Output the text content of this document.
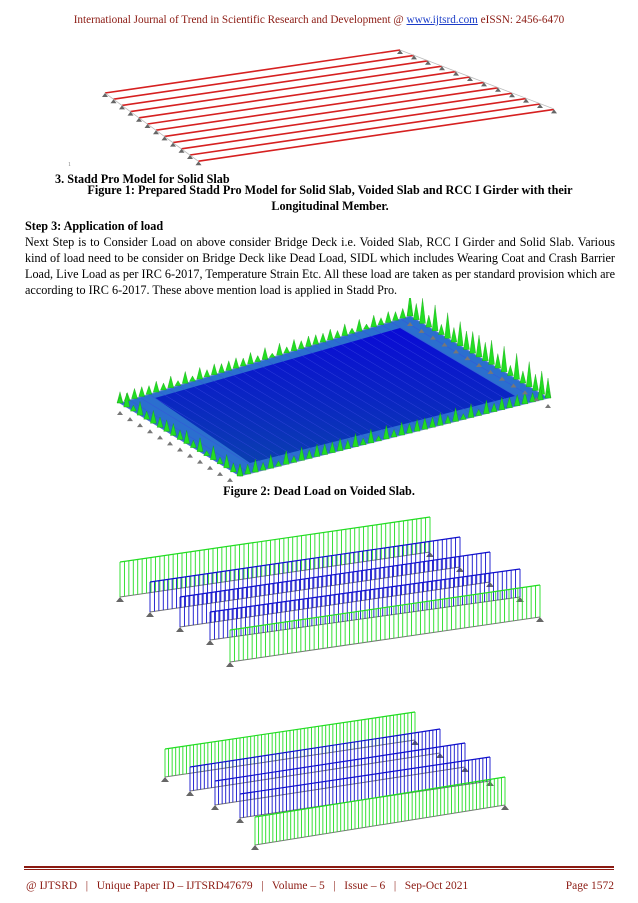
International Journal of Trend in Scientific Research and Development @ www.ijtsrd.com eISSN: 2456-6470
1
3. Stadd Pro Model for Solid Slab
Figure 1: Prepared Stadd Pro Model for Solid Slab, Voided Slab and RCC I Girder with their Longitudinal Member.
Step 3: Application of load
Next Step is to Consider Load on above consider Bridge Deck i.e. Voided Slab, RCC I Girder and Solid Slab. Various kind of load need to be consider on Bridge Deck like Dead Load, SIDL which includes Wearing Coat and Crash Barrier Load, Live Load as per IRC 6-2017, Temperature Strain Etc. All these load are taken as per standard provision which are according to IRC 6-2017. These above mention load is applied in Stadd Pro.
Figure 2: Dead Load on Voided Slab.
@ IJTSRD   |   Unique Paper ID – IJTSRD47679   |   Volume – 5   |   Issue – 6   |   Sep-Oct 2021	Page 1572
